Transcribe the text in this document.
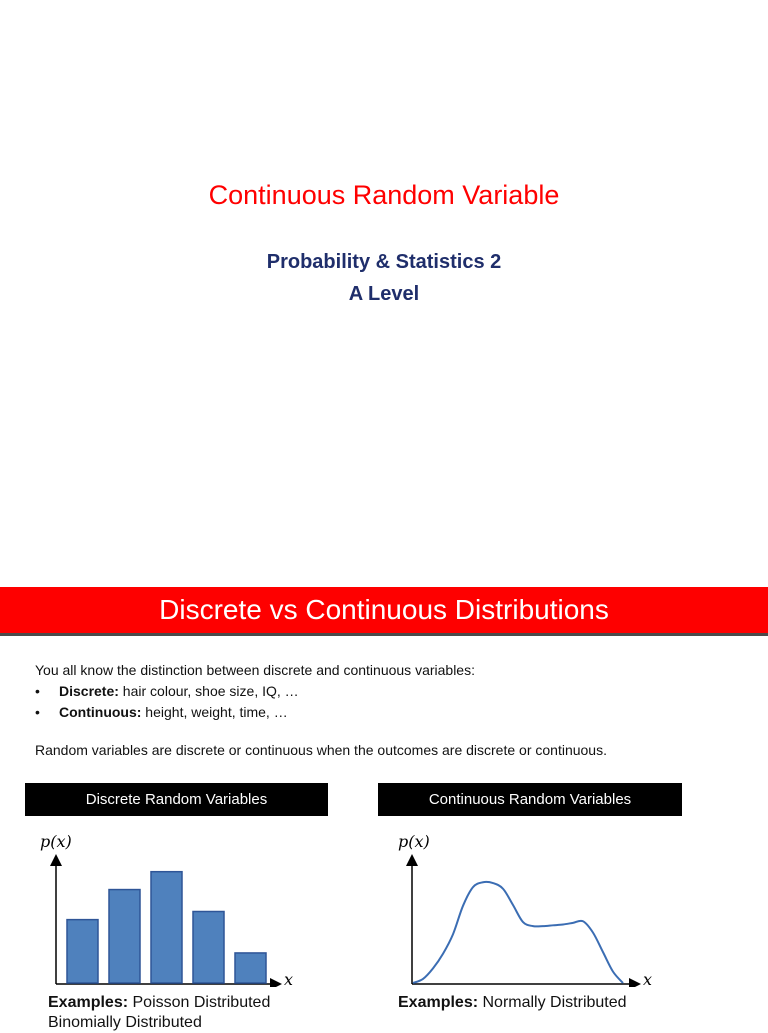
Continuous Random Variable
Probability & Statistics 2
A Level
Discrete vs Continuous Distributions
You all know the distinction between discrete and continuous variables:
• Discrete: hair colour, shoe size, IQ, …
• Continuous: height, weight, time, …
Random variables are discrete or continuous when the outcomes are discrete or continuous.
Discrete Random Variables	Continuous Random Variables
p(x)
x
p(x)
x
Examples: Poisson Distributed
Binomially Distributed
Examples: Normally Distributed
